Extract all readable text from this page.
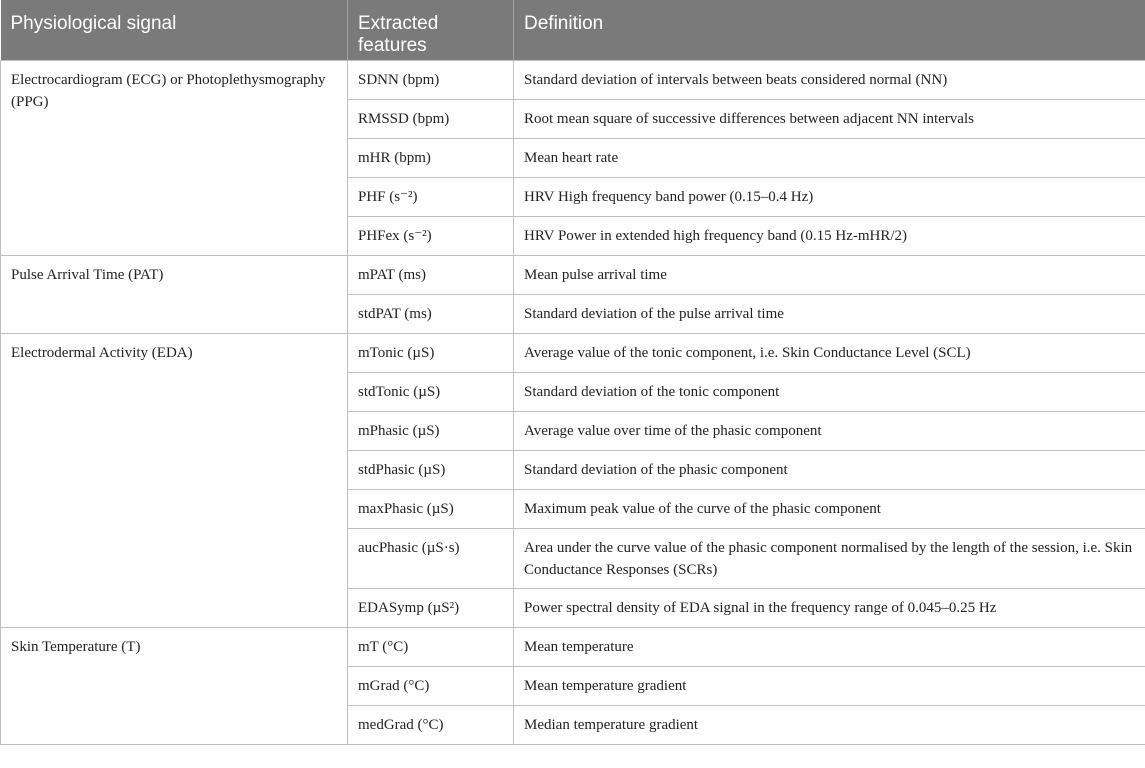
Physiological signal	Extracted features	Definition
Electrocardiogram (ECG) or Photoplethysmography (PPG)	SDNN (bpm)	Standard deviation of intervals between beats considered normal (NN)
	RMSSD (bpm)	Root mean square of successive differences between adjacent NN intervals
	mHR (bpm)	Mean heart rate
	PHF (s⁻²)	HRV High frequency band power (0.15–0.4 Hz)
	PHFex (s⁻²)	HRV Power in extended high frequency band (0.15 Hz-mHR/2)
Pulse Arrival Time (PAT)	mPAT (ms)	Mean pulse arrival time
	stdPAT (ms)	Standard deviation of the pulse arrival time
Electrodermal Activity (EDA)	mTonic (µS)	Average value of the tonic component, i.e. Skin Conductance Level (SCL)
	stdTonic (µS)	Standard deviation of the tonic component
	mPhasic (µS)	Average value over time of the phasic component
	stdPhasic (µS)	Standard deviation of the phasic component
	maxPhasic (µS)	Maximum peak value of the curve of the phasic component
	aucPhasic (µS·s)	Area under the curve value of the phasic component normalised by the length of the session, i.e. Skin Conductance Responses (SCRs)
	EDASymp (µS²)	Power spectral density of EDA signal in the frequency range of 0.045–0.25 Hz
Skin Temperature (T)	mT (°C)	Mean temperature
	mGrad (°C)	Mean temperature gradient
	medGrad (°C)	Median temperature gradient
